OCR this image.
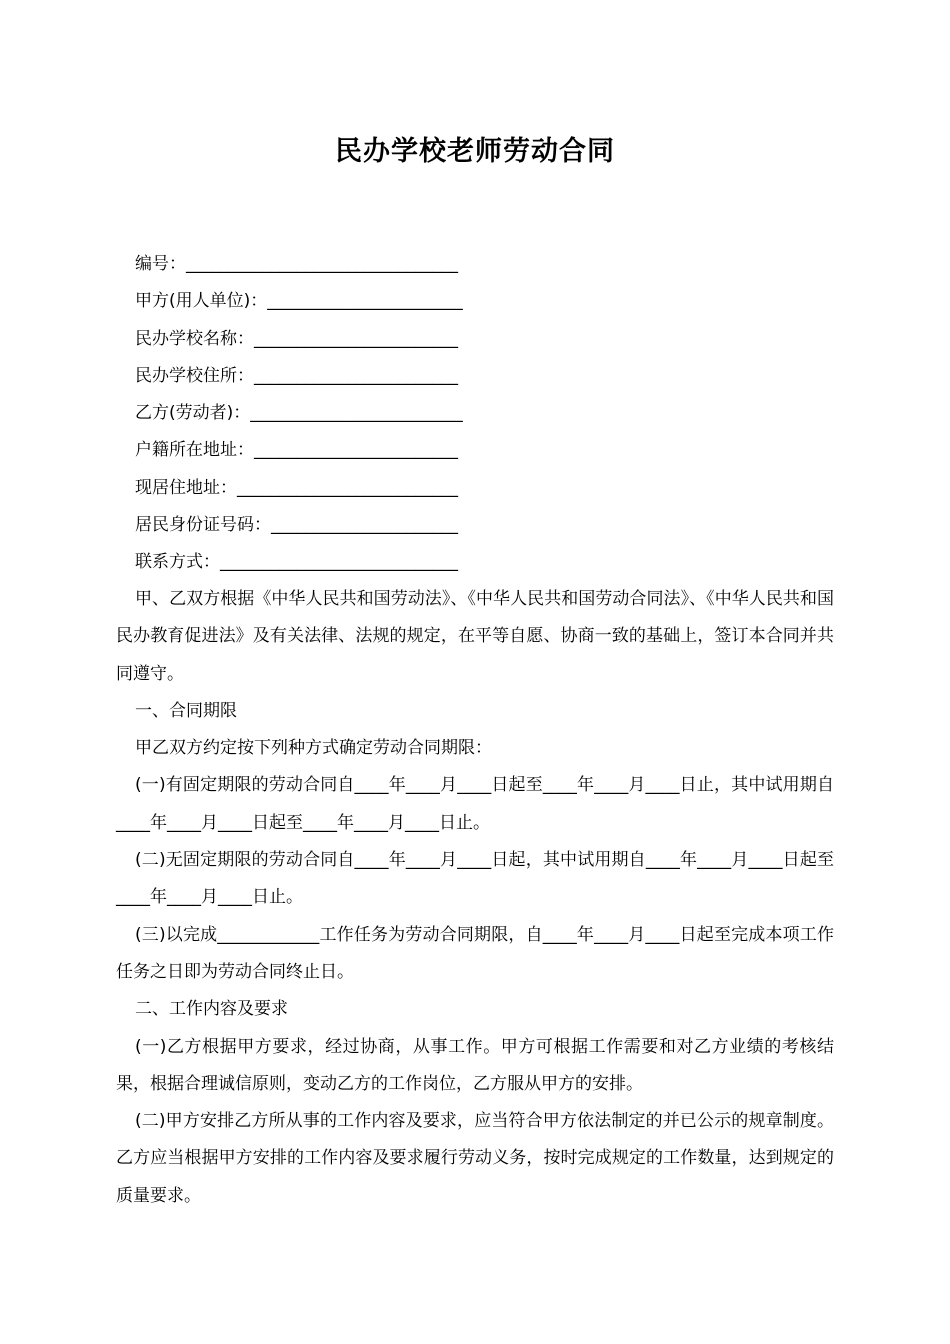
民办学校老师劳动合同
编号：________________________________
甲方(用人单位)：_______________________
民办学校名称：________________________
民办学校住所：________________________
乙方(劳动者)：_________________________
户籍所在地址：________________________
现居住地址：__________________________
居民身份证号码：______________________
联系方式：____________________________

甲、乙双方根据《中华人民共和国劳动法》、《中华人民共和国劳动合同法》、《中华人民共和国民办教育促进法》及有关法律、法规的规定，在平等自愿、协商一致的基础上，签订本合同并共同遵守。

一、合同期限

甲乙双方约定按下列种方式确定劳动合同期限：

(一)有固定期限的劳动合同自____年____月____日起至____年____月____日止，其中试用期自____年____月____日起至____年____月____日止。

(二)无固定期限的劳动合同自____年____月____日起，其中试用期自____年____月____日起至____年____月____日止。

(三)以完成____________工作任务为劳动合同期限，自____年____月____日起至完成本项工作任务之日即为劳动合同终止日。

二、工作内容及要求

(一)乙方根据甲方要求，经过协商，从事工作。甲方可根据工作需要和对乙方业绩的考核结果，根据合理诚信原则，变动乙方的工作岗位，乙方服从甲方的安排。

(二)甲方安排乙方所从事的工作内容及要求，应当符合甲方依法制定的并已公示的规章制度。乙方应当根据甲方安排的工作内容及要求履行劳动义务，按时完成规定的工作数量，达到规定的质量要求。
